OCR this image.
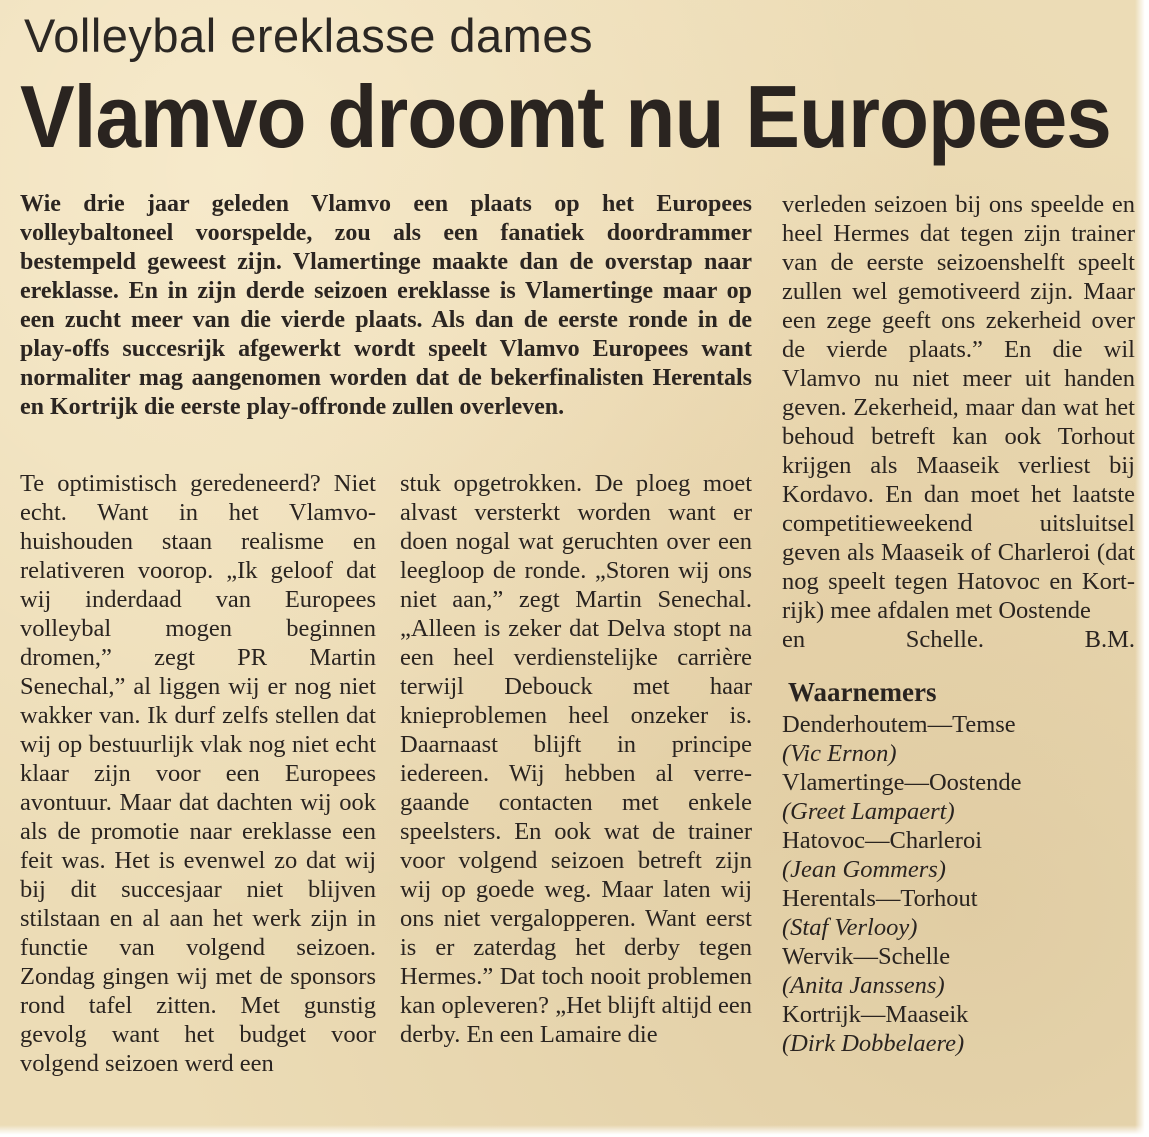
Volleybal ereklasse dames
Vlamvo droomt nu Europees
Wie drie jaar geleden Vlamvo een plaats op het Europees volleybaltoneel voorspelde, zou als een fanatiek doordrammer bestempeld geweest zijn. Vlamertinge maakte dan de overstap naar ereklasse. En in zijn derde seizoen ereklasse is Vlamertinge maar op een zucht meer van die vierde plaats. Als dan de eerste ronde in de play-offs succesrijk afgewerkt wordt speelt Vlamvo Europees want normaliter mag aangenomen worden dat de bekerfinalisten Herentals en Kortrijk die eerste play-offronde zullen overleven.

Te optimistisch geredeneerd? Niet echt. Want in het Vlamvohuishouden staan realisme en relativeren voorop. „Ik geloof dat wij inderdaad van Europees volleybal mogen beginnen dromen,” zegt PR Martin Senechal,” al liggen wij er nog niet wakker van. Ik durf zelfs stellen dat wij op bestuurlijk vlak nog niet echt klaar zijn voor een Europees avontuur. Maar dat dachten wij ook als de promotie naar ereklasse een feit was. Het is evenwel zo dat wij bij dit succesjaar niet blijven stilstaan en al aan het werk zijn in functie van volgend seizoen. Zondag gingen wij met de sponsors rond tafel zitten. Met gunstig gevolg want het budget voor volgend seizoen werd een

stuk opgetrokken. De ploeg moet alvast versterkt worden want er doen nogal wat geruchten over een leegloop de ronde. „Storen wij ons niet aan,” zegt Martin Senechal. „Alleen is zeker dat Delva stopt na een heel verdienstelijke carrière terwijl Debouck met haar knieproblemen heel onzeker is. Daarnaast blijft in principe iedereen. Wij hebben al verregaande contacten met enkele speelsters. En ook wat de trainer voor volgend seizoen betreft zijn wij op goede weg. Maar laten wij ons niet vergalopperen. Want eerst is er zaterdag het derby tegen Hermes.” Dat toch nooit problemen kan opleveren? „Het blijft altijd een derby. En een Lamaire die

verleden seizoen bij ons speelde en heel Hermes dat tegen zijn trainer van de eerste seizoenshelft speelt zullen wel gemotiveerd zijn. Maar een zege geeft ons zekerheid over de vierde plaats.” En die wil Vlamvo nu niet meer uit handen geven. Zekerheid, maar dan wat het behoud betreft kan ook Torhout krijgen als Maaseik verliest bij Kordavo. En dan moet het laatste competitieweekend uitsluitsel geven als Maaseik of Charleroi (dat nog speelt tegen Hatovoc en Kortrijk) mee afdalen met Oostende

en Schelle.	B.M.
Waarnemers
Denderhoutem—Temse
(Vic Ernon)
Vlamertinge—Oostende
(Greet Lampaert)
Hatovoc—Charleroi
(Jean Gommers)
Herentals—Torhout
(Staf Verlooy)
Wervik—Schelle
(Anita Janssens)
Kortrijk—Maaseik
(Dirk Dobbelaere)
